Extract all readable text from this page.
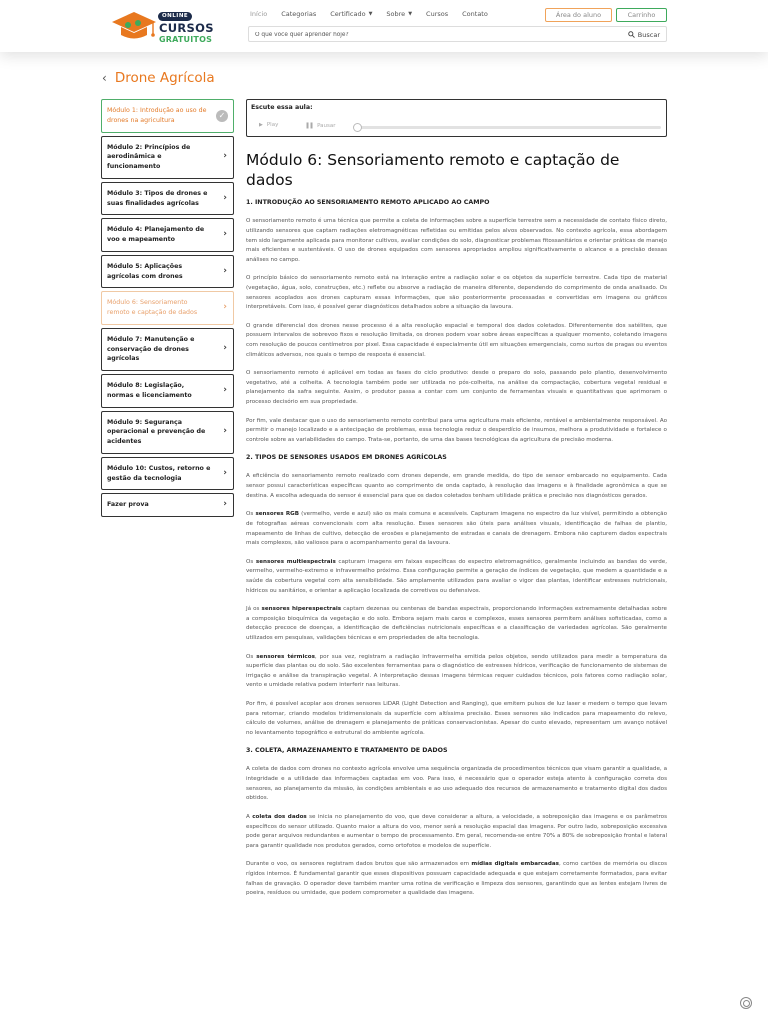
ONLINE
CURSOS
GRATUITOS
Início Categorias Certificado ▼ Sobre ▼ Cursos Contato	Área do aluno	Carrinho
O que você quer aprender hoje?
Buscar
‹ Drone Agrícola
Módulo 1: Introdução ao uso de drones na agricultura
✓
Módulo 2: Princípios de aerodinâmica e funcionamento
›
Módulo 3: Tipos de drones e suas finalidades agrícolas
›
Módulo 4: Planejamento de voo e mapeamento
›
Módulo 5: Aplicações agrícolas com drones
›
Módulo 6: Sensoriamento remoto e captação de dados
›
Módulo 7: Manutenção e conservação de drones agrícolas
›
Módulo 8: Legislação, normas e licenciamento
›
Módulo 9: Segurança operacional e prevenção de acidentes
›
Módulo 10: Custos, retorno e gestão da tecnologia
›
Fazer prova	›
Escute essa aula:
▶ Play	❚❚ Pausar
Módulo 6: Sensoriamento remoto e captação de dados
1. INTRODUÇÃO AO SENSORIAMENTO REMOTO APLICADO AO CAMPO

O sensoriamento remoto é uma técnica que permite a coleta de informações sobre a superfície terrestre sem a necessidade de contato físico direto, utilizando sensores que captam radiações eletromagnéticas refletidas ou emitidas pelos alvos observados. No contexto agrícola, essa abordagem tem sido largamente aplicada para monitorar cultivos, avaliar condições do solo, diagnosticar problemas fitossanitários e orientar práticas de manejo mais eficientes e sustentáveis. O uso de drones equipados com sensores apropriados ampliou significativamente o alcance e a precisão dessas análises no campo.

O princípio básico do sensoriamento remoto está na interação entre a radiação solar e os objetos da superfície terrestre. Cada tipo de material (vegetação, água, solo, construções, etc.) reflete ou absorve a radiação de maneira diferente, dependendo do comprimento de onda analisado. Os sensores acoplados aos drones capturam essas informações, que são posteriormente processadas e convertidas em imagens ou gráficos interpretáveis. Com isso, é possível gerar diagnósticos detalhados sobre a situação da lavoura.

O grande diferencial dos drones nesse processo é a alta resolução espacial e temporal dos dados coletados. Diferentemente dos satélites, que possuem intervalos de sobrevoo fixos e resolução limitada, os drones podem voar sobre áreas específicas a qualquer momento, coletando imagens com resolução de poucos centímetros por pixel. Essa capacidade é especialmente útil em situações emergenciais, como surtos de pragas ou eventos climáticos adversos, nos quais o tempo de resposta é essencial.

O sensoriamento remoto é aplicável em todas as fases do ciclo produtivo: desde o preparo do solo, passando pelo plantio, desenvolvimento vegetativo, até a colheita. A tecnologia também pode ser utilizada no pós-colheita, na análise da compactação, cobertura vegetal residual e planejamento da safra seguinte. Assim, o produtor passa a contar com um conjunto de ferramentas visuais e quantitativas que aprimoram o processo decisório em sua propriedade.

Por fim, vale destacar que o uso do sensoriamento remoto contribui para uma agricultura mais eficiente, rentável e ambientalmente responsável. Ao permitir o manejo localizado e a antecipação de problemas, essa tecnologia reduz o desperdício de insumos, melhora a produtividade e fortalece o controle sobre as variabilidades do campo. Trata-se, portanto, de uma das bases tecnológicas da agricultura de precisão moderna.

2. TIPOS DE SENSORES USADOS EM DRONES AGRÍCOLAS

A eficiência do sensoriamento remoto realizado com drones depende, em grande medida, do tipo de sensor embarcado no equipamento. Cada sensor possui características específicas quanto ao comprimento de onda captado, à resolução das imagens e à finalidade agronômica a que se destina. A escolha adequada do sensor é essencial para que os dados coletados tenham utilidade prática e precisão nos diagnósticos gerados.

Os sensores RGB (vermelho, verde e azul) são os mais comuns e acessíveis. Capturam imagens no espectro da luz visível, permitindo a obtenção de fotografias aéreas convencionais com alta resolução. Esses sensores são úteis para análises visuais, identificação de falhas de plantio, mapeamento de linhas de cultivo, detecção de erosões e planejamento de estradas e canais de drenagem. Embora não capturem dados espectrais mais complexos, são valiosos para o acompanhamento geral da lavoura.

Os sensores multiespectrais capturam imagens em faixas específicas do espectro eletromagnético, geralmente incluindo as bandas do verde, vermelho, vermelho-extremo e infravermelho próximo. Essa configuração permite a geração de índices de vegetação, que medem a quantidade e a saúde da cobertura vegetal com alta sensibilidade. São amplamente utilizados para avaliar o vigor das plantas, identificar estresses nutricionais, hídricos ou sanitários, e orientar a aplicação localizada de corretivos ou defensivos.

Já os sensores hiperespectrais captam dezenas ou centenas de bandas espectrais, proporcionando informações extremamente detalhadas sobre a composição bioquímica da vegetação e do solo. Embora sejam mais caros e complexos, esses sensores permitem análises sofisticadas, como a detecção precoce de doenças, a identificação de deficiências nutricionais específicas e a classificação de variedades agrícolas. São geralmente utilizados em pesquisas, validações técnicas e em propriedades de alta tecnologia.

Os sensores térmicos, por sua vez, registram a radiação infravermelha emitida pelos objetos, sendo utilizados para medir a temperatura da superfície das plantas ou do solo. São excelentes ferramentas para o diagnóstico de estresses hídricos, verificação de funcionamento de sistemas de irrigação e análise da transpiração vegetal. A interpretação dessas imagens térmicas requer cuidados técnicos, pois fatores como radiação solar, vento e umidade relativa podem interferir nas leituras.

Por fim, é possível acoplar aos drones sensores LiDAR (Light Detection and Ranging), que emitem pulsos de luz laser e medem o tempo que levam para retornar, criando modelos tridimensionais da superfície com altíssima precisão. Esses sensores são indicados para mapeamento do relevo, cálculo de volumes, análise de drenagem e planejamento de práticas conservacionistas. Apesar do custo elevado, representam um avanço notável no levantamento topográfico e estrutural do ambiente agrícola.

3. COLETA, ARMAZENAMENTO E TRATAMENTO DE DADOS

A coleta de dados com drones no contexto agrícola envolve uma sequência organizada de procedimentos técnicos que visam garantir a qualidade, a integridade e a utilidade das informações captadas em voo. Para isso, é necessário que o operador esteja atento à configuração correta dos sensores, ao planejamento da missão, às condições ambientais e ao uso adequado dos recursos de armazenamento e tratamento digital dos dados obtidos.

A coleta dos dados se inicia no planejamento do voo, que deve considerar a altura, a velocidade, a sobreposição das imagens e os parâmetros específicos do sensor utilizado. Quanto maior a altura do voo, menor será a resolução espacial das imagens. Por outro lado, sobreposição excessiva pode gerar arquivos redundantes e aumentar o tempo de processamento. Em geral, recomenda-se entre 70% a 80% de sobreposição frontal e lateral para garantir qualidade nos produtos gerados, como ortofotos e modelos de superfície.

Durante o voo, os sensores registram dados brutos que são armazenados em mídias digitais embarcadas, como cartões de memória ou discos rígidos internos. É fundamental garantir que esses dispositivos possuam capacidade adequada e que estejam corretamente formatados, para evitar falhas de gravação. O operador deve também manter uma rotina de verificação e limpeza dos sensores, garantindo que as lentes estejam livres de poeira, resíduos ou umidade, que podem comprometer a qualidade das imagens.
